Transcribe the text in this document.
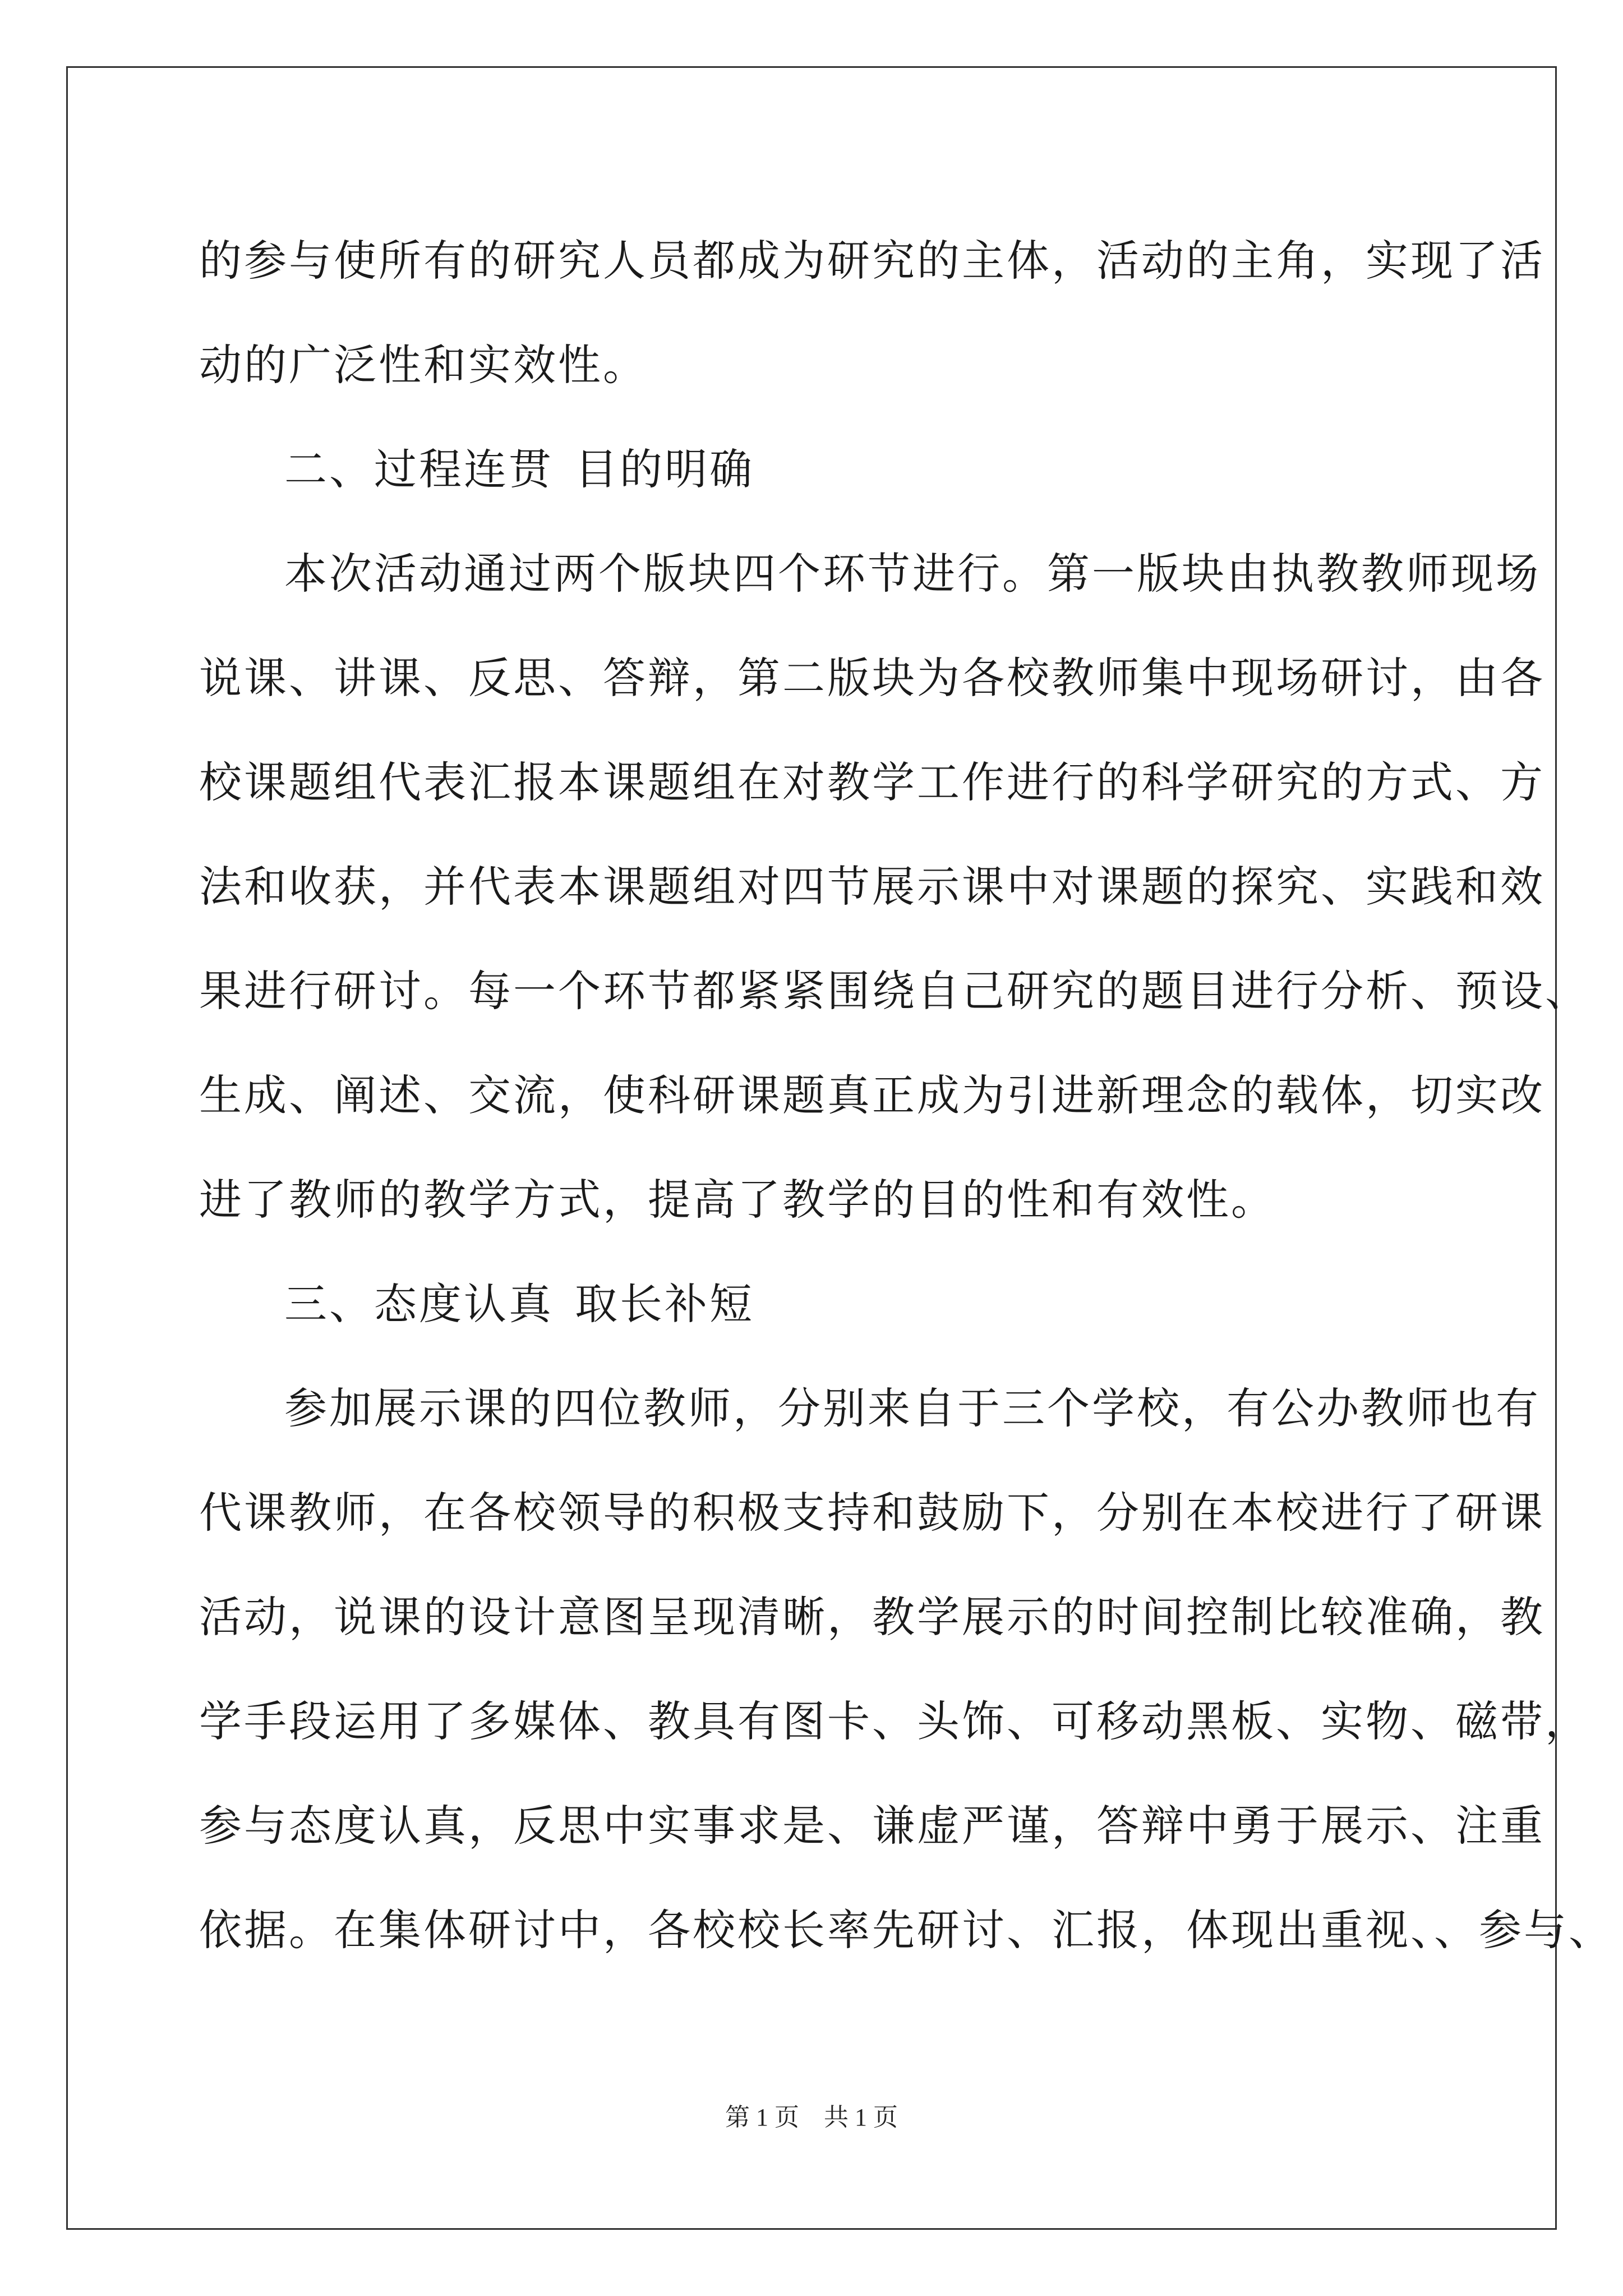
的参与使所有的研究人员都成为研究的主体，活动的主角，实现了活
动的广泛性和实效性。
二、过程连贯 目的明确
本次活动通过两个版块四个环节进行。第一版块由执教教师现场
说课、讲课、反思、答辩，第二版块为各校教师集中现场研讨，由各
校课题组代表汇报本课题组在对教学工作进行的科学研究的方式、方
法和收获，并代表本课题组对四节展示课中对课题的探究、实践和效
果进行研讨。每一个环节都紧紧围绕自己研究的题目进行分析、预设、
生成、阐述、交流，使科研课题真正成为引进新理念的载体，切实改
进了教师的教学方式，提高了教学的目的性和有效性。
三、态度认真 取长补短
参加展示课的四位教师，分别来自于三个学校，有公办教师也有
代课教师，在各校领导的积极支持和鼓励下，分别在本校进行了研课
活动，说课的设计意图呈现清晰，教学展示的时间控制比较准确，教
学手段运用了多媒体、教具有图卡、头饰、可移动黑板、实物、磁带，
参与态度认真，反思中实事求是、谦虚严谨，答辩中勇于展示、注重
依据。在集体研讨中，各校校长率先研讨、汇报，体现出重视、、参与、
第 1 页　共 1 页
